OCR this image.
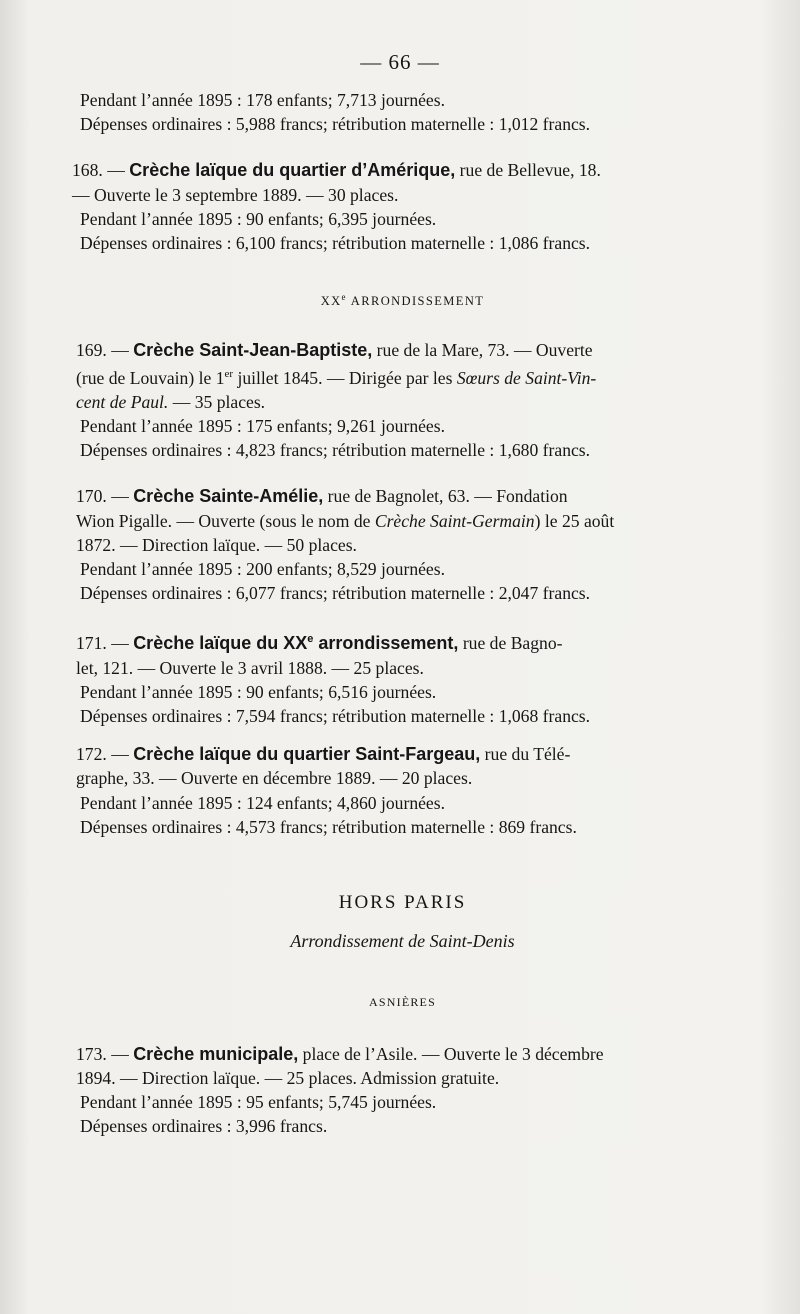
— 66 —
Pendant l’année 1895 : 178 enfants; 7,713 journées.
Dépenses ordinaires : 5,988 francs; rétribution maternelle : 1,012 francs.
168. — Crèche laïque du quartier d’Amérique, rue de Bellevue, 18.
— Ouverte le 3 septembre 1889. — 30 places.
Pendant l’année 1895 : 90 enfants; 6,395 journées.
Dépenses ordinaires : 6,100 francs; rétribution maternelle : 1,086 francs.
XXe ARRONDISSEMENT
169. — Crèche Saint-Jean-Baptiste, rue de la Mare, 73. — Ouverte
(rue de Louvain) le 1er juillet 1845. — Dirigée par les Sœurs de Saint-Vin-
cent de Paul. — 35 places.
Pendant l’année 1895 : 175 enfants; 9,261 journées.
Dépenses ordinaires : 4,823 francs; rétribution maternelle : 1,680 francs.
170. — Crèche Sainte-Amélie, rue de Bagnolet, 63. — Fondation
Wion Pigalle. — Ouverte (sous le nom de Crèche Saint-Germain) le 25 août
1872. — Direction laïque. — 50 places.
Pendant l’année 1895 : 200 enfants; 8,529 journées.
Dépenses ordinaires : 6,077 francs; rétribution maternelle : 2,047 francs.
171. — Crèche laïque du XXe arrondissement, rue de Bagno-
let, 121. — Ouverte le 3 avril 1888. — 25 places.
Pendant l’année 1895 : 90 enfants; 6,516 journées.
Dépenses ordinaires : 7,594 francs; rétribution maternelle : 1,068 francs.
172. — Crèche laïque du quartier Saint-Fargeau, rue du Télé-
graphe, 33. — Ouverte en décembre 1889. — 20 places.
Pendant l’année 1895 : 124 enfants; 4,860 journées.
Dépenses ordinaires : 4,573 francs; rétribution maternelle : 869 francs.
HORS PARIS
Arrondissement de Saint-Denis
ASNIÈRES
173. — Crèche municipale, place de l’Asile. — Ouverte le 3 décembre
1894. — Direction laïque. — 25 places. Admission gratuite.
Pendant l’année 1895 : 95 enfants; 5,745 journées.
Dépenses ordinaires : 3,996 francs.
